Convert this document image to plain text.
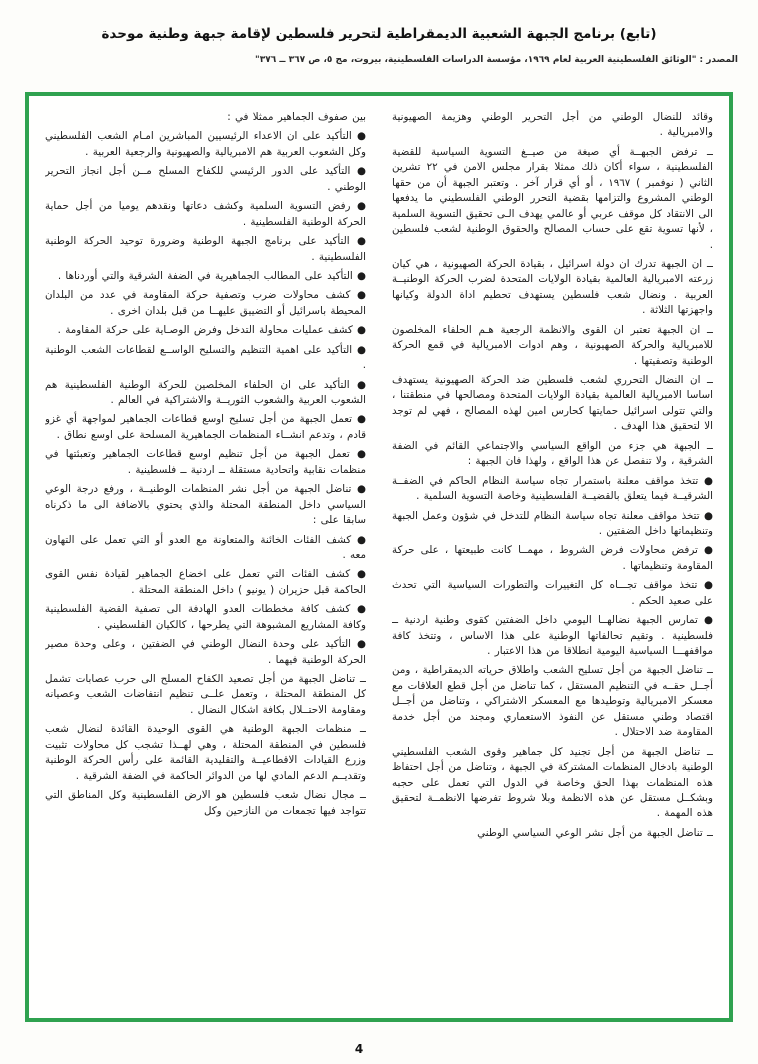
(تابع) برنامج الجبهة الشعبية الديمقراطية لتحرير فلسطين لإقامة جبهة وطنية موحدة
المصدر : "الوثائق الفلسطينية العربية لعام ١٩٦٩، مؤسسة الدراسات الفلسطينية، بيروت، مج ٥، ص ٣٦٧ ــ ٣٧٦"

وقائد للنضال الوطني من أجل التحرير الوطني وهزيمة الصهيونية والامبريالية .

ــ ترفض الجبهــة أي صيغة من صيــغ التسوية السياسية للقضية الفلسطينية ، سواء أكان ذلك ممثلا بقرار مجلس الامن في ٢٢ تشرين الثاني ( نوفمبر ) ١٩٦٧ ، أو أي قرار آخر . وتعتبر الجبهة أن من حقها الوطني المشروع والتزامها بقضية التحرر الوطني الفلسطيني ما يدفعها الى الانتقاد كل موقف عربي أو عالمي يهدف الـى تحقيق التسوية السلمية ، لأنها تسوية تقع على حساب المصالح والحقوق الوطنية لشعب فلسطين .

ــ ان الجبهة تدرك ان دولة اسرائيل ، بقيادة الحركة الصهيونية ، هي كيان زرعته الامبريالية العالمية بقيادة الولايات المتحدة لضرب الحركة الوطنيــة العربية . ونضال شعب فلسطين يستهدف تحطيم اداة الدولة وكيانها واجهزتها الثلاثة .

ــ ان الجبهة تعتبر ان القوى والانظمة الرجعية هـم الحلفاء المخلصون للامبريالية والحركة الصهيونية ، وهم ادوات الامبريالية في قمع الحركة الوطنية وتصفيتها .

ــ ان النضال التحرري لشعب فلسطين ضد الحركة الصهيونية يستهدف اساسا الامبريالية العالمية بقيادة الولايات المتحدة ومصالحها في منطقتنا ، والتي تتولى اسرائيل حمايتها كحارس امين لهذه المصالح ، فهي لم توجد الا لتحقيق هذا الهدف .

ــ الجبهة هي جزء من الواقع السياسي والاجتماعي القائم في الضفة الشرقية ، ولا تنفصل عن هذا الواقع ، ولهذا فان الجبهة :

● تتخذ مواقف معلنة باستمرار تجاه سياسة النظام الحاكم في الضفــة الشرقيــة فيما يتعلق بالقضيــة الفلسطينية وخاصة التسوية السلمية .

● تتخذ مواقف معلنة تجاه سياسة النظام للتدخل في شؤون وعمل الجبهة وتنظيماتها داخل الضفتين .

● ترفض محاولات فرض الشروط ، مهمــا كانت طبيعتها ، على حركة المقاومة وتنظيماتها .

● تتخذ مواقف تجـــاه كل التغييرات والتطورات السياسية التي تحدث على صعيد الحكم .

● تمارس الجبهة نضالهــا اليومي داخل الضفتين كقوى وطنية اردنية ــ فلسطينية . وتقيم تحالفاتها الوطنية على هذا الاساس ، وتتخذ كافة مواقفهـــا السياسية اليومية انطلاقا من هذا الاعتبار .

ــ تناضل الجبهة من أجل تسليح الشعب واطلاق حرياته الديمقراطية ، ومن أجــل حقــه في التنظيم المستقل ، كما تناضل من أجل قطع العلاقات مع معسكر الامبريالية وتوطيدها مع المعسكر الاشتراكي ، وتناضل من أجــل اقتصاد وطني مستقل عن النفوذ الاستعماري ومجند من أجل خدمة المقاومة ضد الاحتلال .

ــ تناضل الجبهة من أجل تجنيد كل جماهير وقوى الشعب الفلسطيني الوطنية بادخال المنظمات المشتركة في الجبهة ، وتناضل من أجل احتفاظ هذه المنظمات بهذا الحق وخاصة في الدول التي تعمل على حجبه وبشكــل مستقل عن هذه الانظمة وبلا شروط تفرضها الانظمــة لتحقيق هذه المهمة .

ــ تناضل الجبهة من أجل نشر الوعي السياسي الوطني

بين صفوف الجماهير ممثلا في :

● التأكيد على ان الاعداء الرئيسيين المباشرين امـام الشعب الفلسطيني وكل الشعوب العربية هم الامبريالية والصهيونية والرجعية العربية .

● التأكيد على الدور الرئيسي للكفاح المسلح مــن أجل انجاز التحرير الوطني .

● رفض التسوية السلمية وكشف دعاتها ونقدهم يوميا من أجل حماية الحركة الوطنية الفلسطينية .

● التأكيد على برنامج الجبهة الوطنية وضرورة توحيد الحركة الوطنية الفلسطينية .

● التأكيد على المطالب الجماهيرية في الضفة الشرقية والتي أوردناها .

● كشف محاولات ضرب وتصفية حركة المقاومة في عدد من البلدان المحيطة باسرائيل أو التضييق عليهــا من قبل بلدان اخرى .

● كشف عمليات محاولة التدخل وفرض الوصـاية على حركة المقاومة .

● التأكيد على اهمية التنظيم والتسليح الواســع لقطاعات الشعب الوطنية .

● التأكيد على ان الحلفاء المخلصين للحركة الوطنية الفلسطينية هم الشعوب العربية والشعوب الثوريــة والاشتراكية في العالم .

● تعمل الجبهة من أجل تسليح اوسع قطاعات الجماهير لمواجهة أي غزو قادم ، وتدعم انشــاء المنظمات الجماهيرية المسلحة على اوسع نطاق .

● تعمل الجبهة من أجل تنظيم اوسع قطاعات الجماهير وتعبئتها في منظمات نقابية واتحادية مستقلة ــ اردنية ــ فلسطينية .

● تناضل الجبهة من أجل نشر المنظمات الوطنيــة ، ورفع درجة الوعي السياسي داخل المنطقة المحتلة والذي يحتوي بالاضافة الى ما ذكرناه سابقا على :

● كشف الفئات الخائنة والمتعاونة مع العدو أو التي تعمل على التهاون معه .

● كشف الفئات التي تعمل على اخضاع الجماهير لقيادة نفس القوى الحاكمة قبل حزيران ( يونيو ) داخل المنطقة المحتلة .

● كشف كافة مخططات العدو الهادفة الى تصفية القضية الفلسطينية وكافة المشاريع المشبوهة التي يطرحها ، كالكيان الفلسطيني .

● التأكيد على وحدة النضال الوطني في الضفتين ، وعلى وحدة مصير الحركة الوطنية فيهما .

ــ تناضل الجبهة من أجل تصعيد الكفاح المسلح الى حرب عصابات تشمل كل المنطقة المحتلة ، وتعمل علــى تنظيم انتفاضات الشعب وعصيانه ومقاومة الاحتــلال بكافة اشكال النضال .

ــ منظمات الجبهة الوطنية هي القوى الوحيدة القائدة لنضال شعب فلسطين في المنطقة المحتلة ، وهي لهــذا تشجب كل محاولات تثبيت وزرع القيادات الاقطاعيــة والتقليدية القائمة على رأس الحركة الوطنية وتقديــم الدعم المادي لها من الدوائر الحاكمة في الضفة الشرقية .

ــ مجال نضال شعب فلسطين هو الارض الفلسطينية وكل المناطق التي تتواجد فيها تجمعات من النازحين وكل

4
